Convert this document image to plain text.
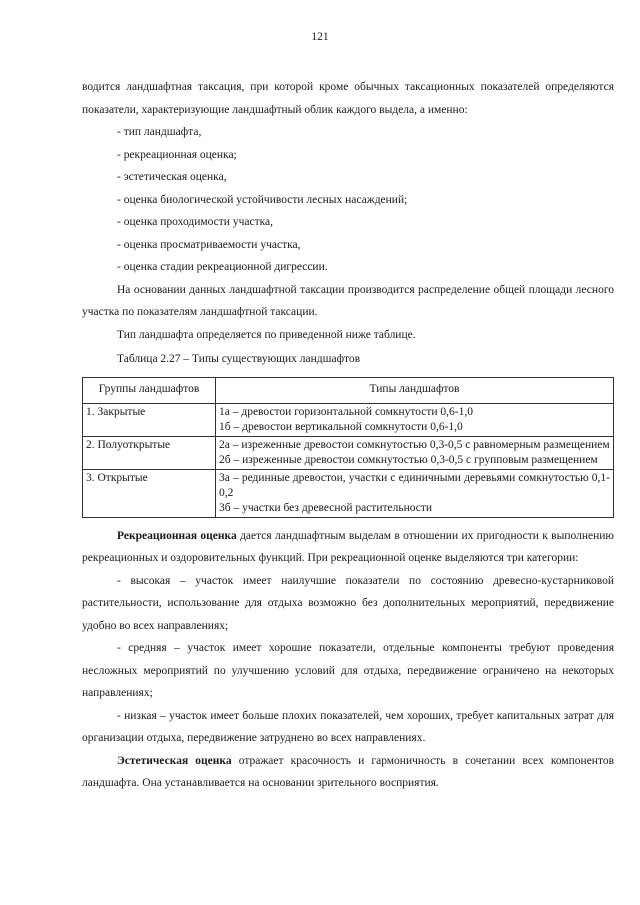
121

водится ландшафтная таксация, при которой кроме обычных таксационных показателей определяются показатели, характеризующие ландшафтный облик каждого выдела, а именно:

- тип ландшафта,

- рекреационная оценка;

- эстетическая оценка,

- оценка биологической устойчивости лесных насаждений;

- оценка проходимости участка,

- оценка просматриваемости участка,

- оценка стадии рекреационной дигрессии.

На основании данных ландшафтной таксации производится распределение общей площади лесного участка по показателям ландшафтной таксации.

Тип ландшафта определяется по приведенной ниже таблице.

Таблица 2.27 – Типы существующих ландшафтов

Группы ландшафтов	Типы ландшафтов
1. Закрытые	1а – древостои горизонтальной сомкнутости 0,6-1,0
1б – древостои вертикальной сомкнутости 0,6-1,0

2. Полуоткрытые	2а – изреженные древостои сомкнутостью 0,3-0,5 с равномерным размещением
2б – изреженные древостои сомкнутостью 0,3-0,5 с групповым размещением

3. Открытые	3а – рединные древостои, участки с единичными деревьями сомкнутостью 0,1-0,2
3б – участки без древесной растительности

Рекреационная оценка дается ландшафтным выделам в отношении их пригодности к выполнению рекреационных и оздоровительных функций. При рекреационной оценке выделяются три категории:

- высокая – участок имеет наилучшие показатели по состоянию древесно-кустарниковой растительности, использование для отдыха возможно без дополнительных мероприятий, передвижение удобно во всех направлениях;

- средняя – участок имеет хорошие показатели, отдельные компоненты требуют проведения несложных мероприятий по улучшению условий для отдыха, передвижение ограничено на некоторых направлениях;

- низкая – участок имеет больше плохих показателей, чем хороших, требует капитальных затрат для организации отдыха, передвижение затруднено во всех направлениях.

Эстетическая оценка отражает красочность и гармоничность в сочетании всех компонентов ландшафта. Она устанавливается на основании зрительного восприятия.
